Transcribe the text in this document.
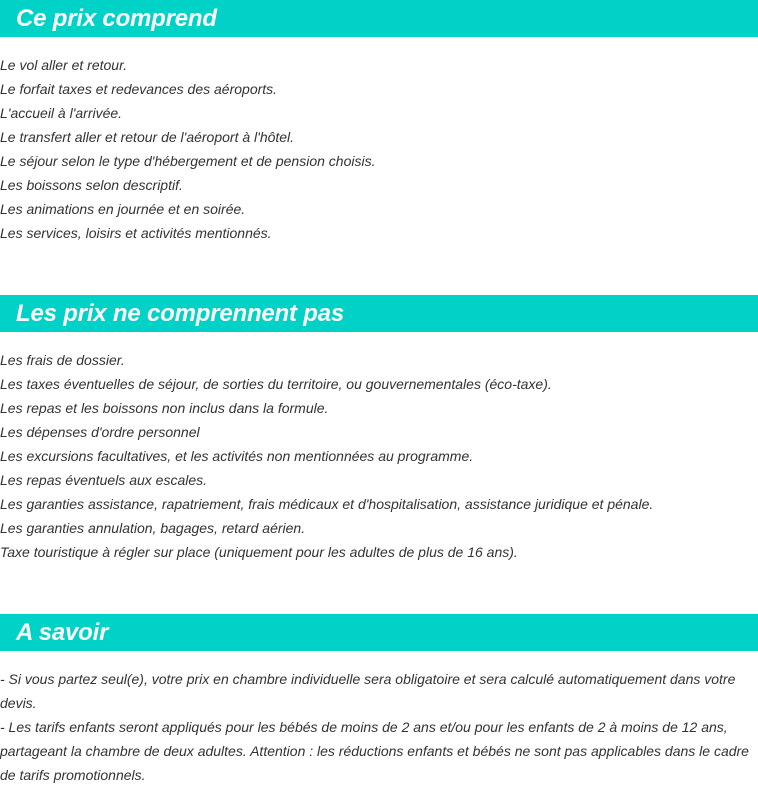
Ce prix comprend
Le vol aller et retour.
Le forfait taxes et redevances des aéroports.
L'accueil à l'arrivée.
Le transfert aller et retour de l'aéroport à l'hôtel.
Le séjour selon le type d'hébergement et de pension choisis.
Les boissons selon descriptif.
Les animations en journée et en soirée.
Les services, loisirs et activités mentionnés.
Les prix ne comprennent pas
Les frais de dossier.
Les taxes éventuelles de séjour, de sorties du territoire, ou gouvernementales (éco-taxe).
Les repas et les boissons non inclus dans la formule.
Les dépenses d'ordre personnel
Les excursions facultatives, et les activités non mentionnées au programme.
Les repas éventuels aux escales.
Les garanties assistance, rapatriement, frais médicaux et d'hospitalisation, assistance juridique et pénale.
Les garanties annulation, bagages, retard aérien.
Taxe touristique à régler sur place (uniquement pour les adultes de plus de 16 ans).
A savoir

- Si vous partez seul(e), votre prix en chambre individuelle sera obligatoire et sera calculé automatiquement dans votre devis.

- Les tarifs enfants seront appliqués pour les bébés de moins de 2 ans et/ou pour les enfants de 2 à moins de 12 ans, partageant la chambre de deux adultes. Attention : les réductions enfants et bébés ne sont pas applicables dans le cadre de tarifs promotionnels.
